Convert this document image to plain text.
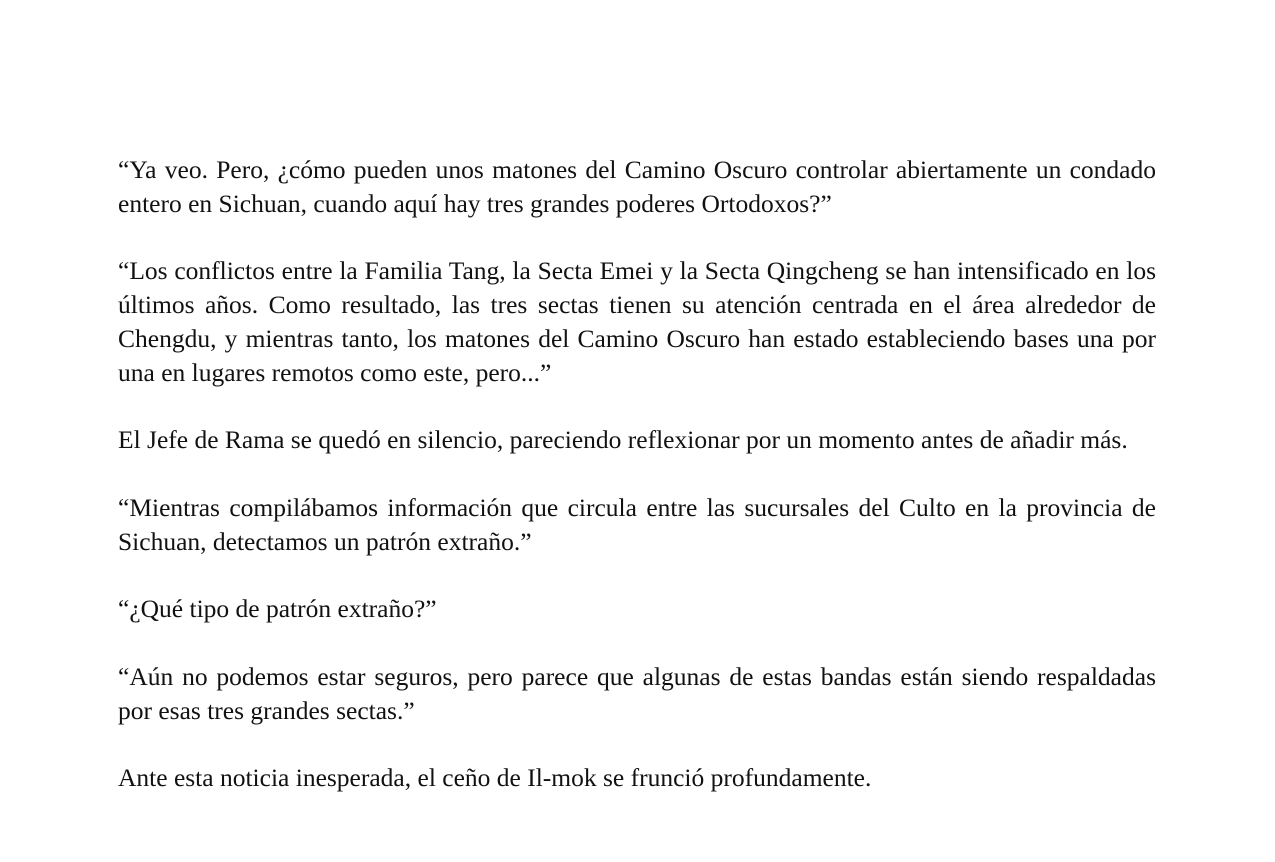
“Ya veo. Pero, ¿cómo pueden unos matones del Camino Oscuro controlar abiertamente un condado entero en Sichuan, cuando aquí hay tres grandes poderes Ortodoxos?”

“Los conflictos entre la Familia Tang, la Secta Emei y la Secta Qingcheng se han intensificado en los últimos años. Como resultado, las tres sectas tienen su atención centrada en el área alrededor de Chengdu, y mientras tanto, los matones del Camino Oscuro han estado estableciendo bases una por una en lugares remotos como este, pero...”

El Jefe de Rama se quedó en silencio, pareciendo reflexionar por un momento antes de añadir más.

“Mientras compilábamos información que circula entre las sucursales del Culto en la provincia de Sichuan, detectamos un patrón extraño.”

“¿Qué tipo de patrón extraño?”

“Aún no podemos estar seguros, pero parece que algunas de estas bandas están siendo respaldadas por esas tres grandes sectas.”

Ante esta noticia inesperada, el ceño de Il-mok se frunció profundamente.
